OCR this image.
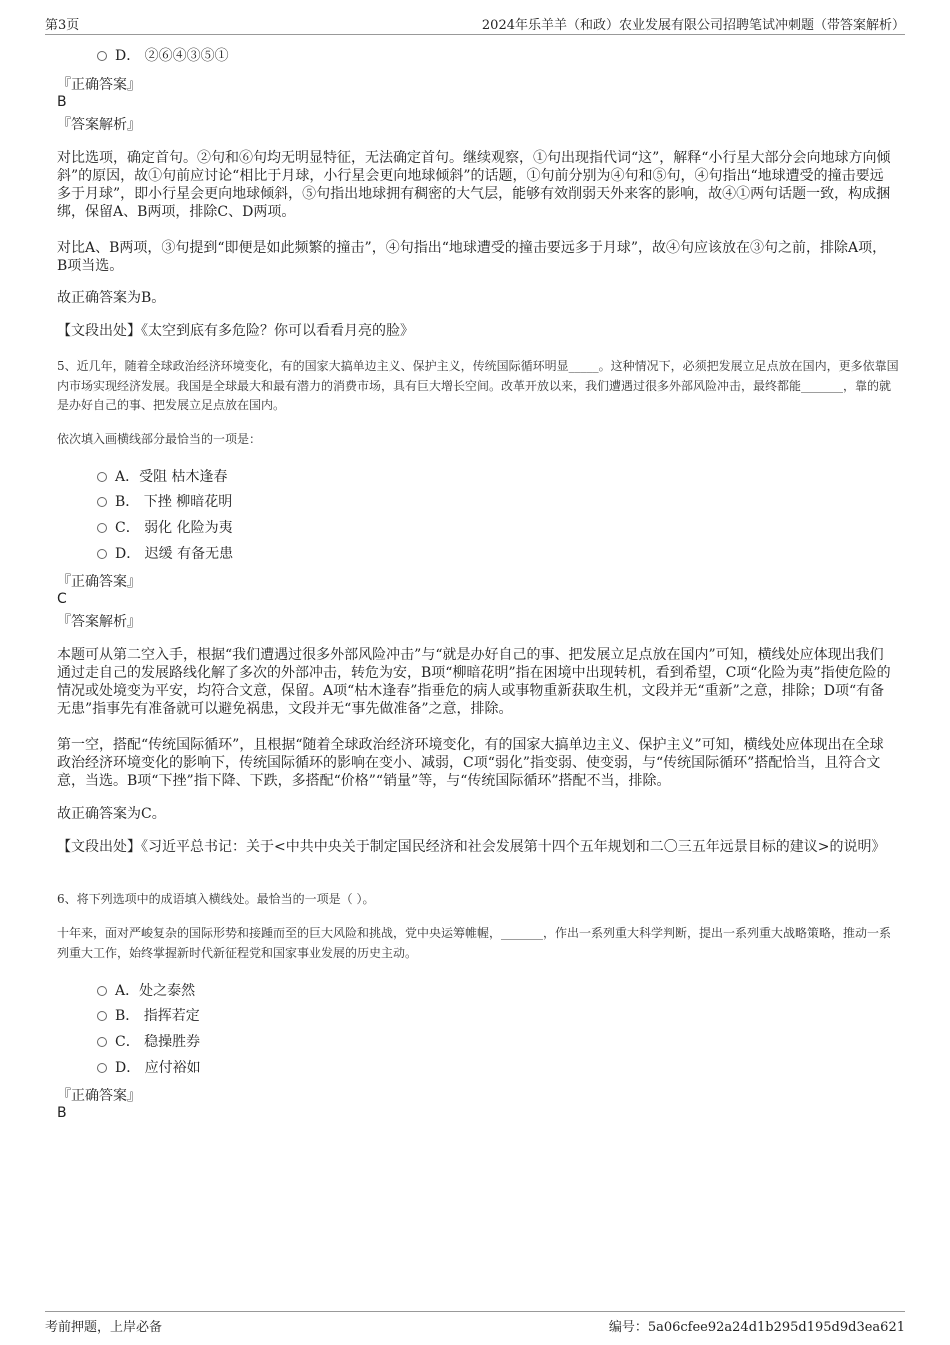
第3页	2024年乐羊羊（和政）农业发展有限公司招聘笔试冲刺题（带答案解析）
D． ②⑥④③⑤①
『正确答案』
B
『答案解析』
对比选项，确定首句。②句和⑥句均无明显特征，无法确定首句。继续观察，①句出现指代词“这”，解释“小行星大部分会向地球方向倾斜”的原因，故①句前应讨论“相比于月球，小行星会更向地球倾斜”的话题，①句前分别为④句和⑤句，④句指出“地球遭受的撞击要远多于月球”，即小行星会更向地球倾斜，⑤句指出地球拥有稠密的大气层，能够有效削弱天外来客的影响，故④①两句话题一致，构成捆绑，保留A、B两项，排除C、D两项。
对比A、B两项，③句提到“即便是如此频繁的撞击”，④句指出“地球遭受的撞击要远多于月球”，故④句应该放在③句之前，排除A项，B项当选。
故正确答案为B。
【文段出处】《太空到底有多危险？你可以看看月亮的脸》
5、近几年，随着全球政治经济环境变化，有的国家大搞单边主义、保护主义，传统国际循环明显_____。这种情况下，必须把发展立足点放在国内，更多依靠国内市场实现经济发展。我国是全球最大和最有潜力的消费市场，具有巨大增长空间。改革开放以来，我们遭遇过很多外部风险冲击，最终都能_______，靠的就是办好自己的事、把发展立足点放在国内。
依次填入画横线部分最恰当的一项是：
A．受阻 枯木逢春
B． 下挫 柳暗花明
C． 弱化 化险为夷
D． 迟缓 有备无患
『正确答案』
C
『答案解析』
本题可从第二空入手，根据“我们遭遇过很多外部风险冲击”与“就是办好自己的事、把发展立足点放在国内”可知，横线处应体现出我们通过走自己的发展路线化解了多次的外部冲击，转危为安，B项“柳暗花明”指在困境中出现转机，看到希望，C项“化险为夷”指使危险的情况或处境变为平安，均符合文意，保留。A项“枯木逢春”指垂危的病人或事物重新获取生机，文段并无“重新”之意，排除；D项“有备无患”指事先有准备就可以避免祸患，文段并无“事先做准备”之意，排除。
第一空，搭配“传统国际循环”，且根据“随着全球政治经济环境变化，有的国家大搞单边主义、保护主义”可知，横线处应体现出在全球政治经济环境变化的影响下，传统国际循环的影响在变小、减弱，C项“弱化”指变弱、使变弱，与“传统国际循环”搭配恰当，且符合文意，当选。B项“下挫”指下降、下跌，多搭配“价格”“销量”等，与“传统国际循环”搭配不当，排除。
故正确答案为C。
【文段出处】《习近平总书记：关于<中共中央关于制定国民经济和社会发展第十四个五年规划和二〇三五年远景目标的建议>的说明》
6、将下列选项中的成语填入横线处。最恰当的一项是（ ）。
十年来，面对严峻复杂的国际形势和接踵而至的巨大风险和挑战，党中央运筹帷幄，_______，作出一系列重大科学判断，提出一系列重大战略策略，推动一系列重大工作，始终掌握新时代新征程党和国家事业发展的历史主动。
A．处之泰然
B． 指挥若定
C． 稳操胜券
D． 应付裕如
『正确答案』
B
考前押题，上岸必备	编号：5a06cfee92a24d1b295d195d9d3ea621
